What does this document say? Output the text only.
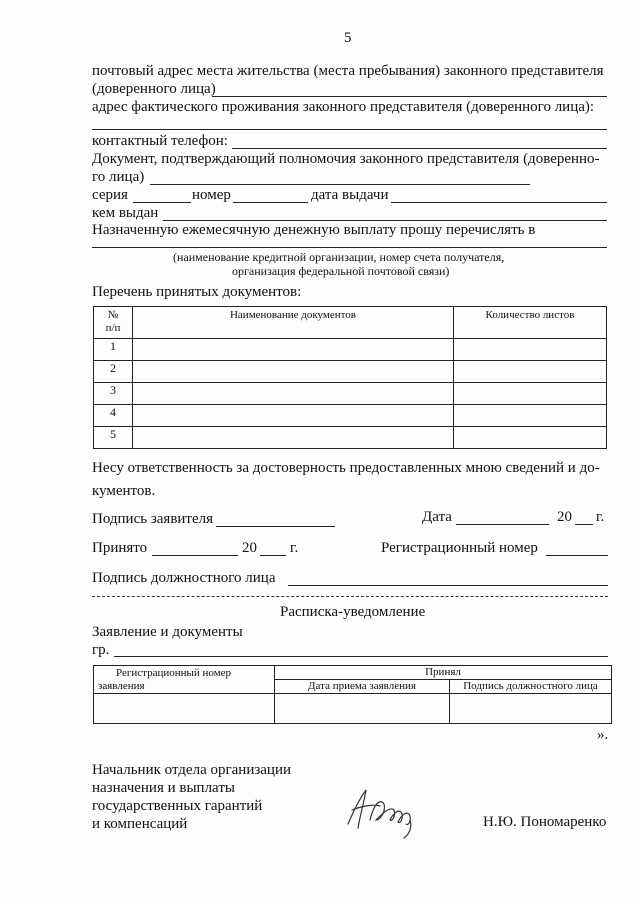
5
почтовый адрес места жительства (места пребывания) законного представителя
(доверенного лица)
адрес фактического проживания законного представителя (доверенного лица):
контактный телефон:
Документ, подтверждающий полномочия законного представителя (доверенно-
го лица)
серия	номер	дата выдачи
кем выдан
Назначенную ежемесячную денежную выплату прошу перечислять в
(наименование кредитной организации, номер счета получателя,
организация федеральной почтовой связи)
Перечень принятых документов:
№
п/п	Наименование документов	Количество листов
1		
2		
3		
4		
5		
Несу ответственность за достоверность предоставленных мною сведений и до-
кументов.
Подпись заявителя	Дата	20 г.
Принято	20 г.	Регистрационный номер
Подпись должностного лица
Расписка-уведомление
Заявление и документы
гр.
Регистрационный номер
заявления	Принял	
	Дата приема заявления	Подпись должностного лица

».
Начальник отдела организации
назначения и выплаты
государственных гарантий
и компенсаций	Н.Ю. Пономаренко
